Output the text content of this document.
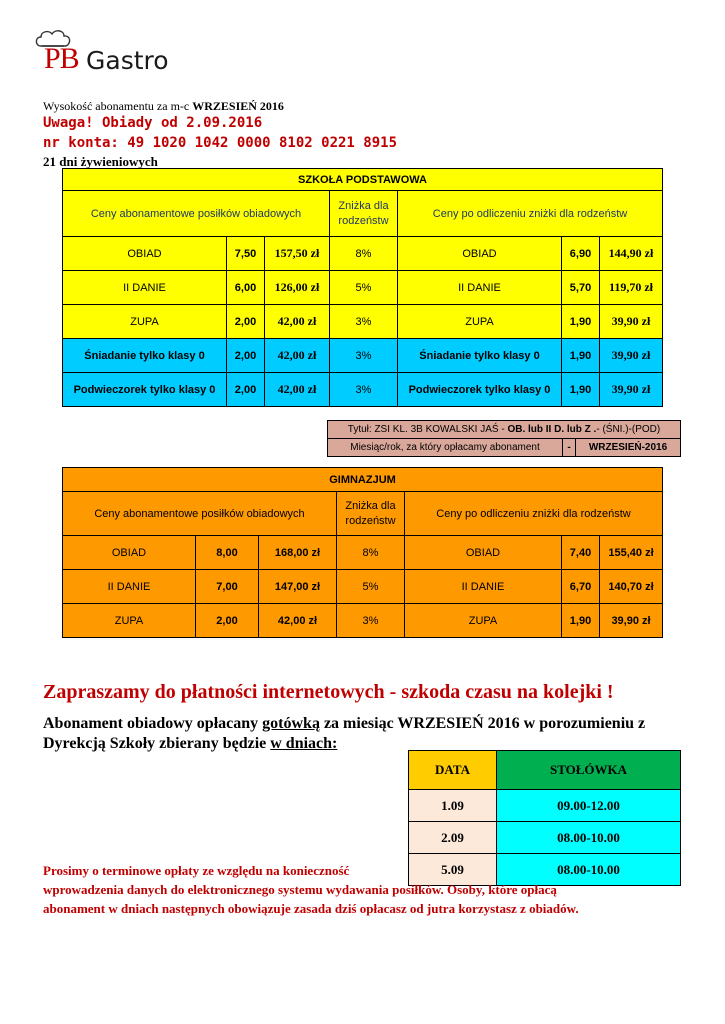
PB Gastro
Wysokość abonamentu za m-c WRZESIEŃ 2016
Uwaga! Obiady od 2.09.2016
nr konta: 49 1020 1042 0000 8102 0221 8915
21 dni żywieniowych
SZKOŁA PODSTAWOWA						
Ceny abonamentowe posiłków obiadowych			Zniżka dla rodzeństw	Ceny po odliczeniu zniżki dla rodzeństw		
OBIAD	7,50	157,50 zł	8%	OBIAD	6,90	144,90 zł
II DANIE	6,00	126,00 zł	5%	II DANIE	5,70	119,70 zł
ZUPA	2,00	42,00 zł	3%	ZUPA	1,90	39,90 zł
Śniadanie tylko klasy 0	2,00	42,00 zł	3%	Śniadanie tylko klasy 0	1,90	39,90 zł
Podwieczorek tylko klasy 0	2,00	42,00 zł	3%	Podwieczorek tylko klasy 0	1,90	39,90 zł
Tytuł: ZSI KL. 3B KOWALSKI JAŚ - OB. lub II D. lub Z .- (ŚNI.)-(POD)
Miesiąc/rok, za który opłacamy abonament	-	WRZESIEŃ-2016
GIMNAZJUM						
Ceny abonamentowe posiłków obiadowych			Zniżka dla rodzeństw	Ceny po odliczeniu zniżki dla rodzeństw		
OBIAD	8,00	168,00 zł	8%	OBIAD	7,40	155,40 zł
II DANIE	7,00	147,00 zł	5%	II DANIE	6,70	140,70 zł
ZUPA	2,00	42,00 zł	3%	ZUPA	1,90	39,90 zł
Zapraszamy do płatności internetowych - szkoda czasu na kolejki !
Abonament obiadowy opłacany gotówką za miesiąc WRZESIEŃ 2016 w porozumieniu z Dyrekcją Szkoły zbierany będzie w dniach:
DATA	STOŁÓWKA
1.09	09.00-12.00
2.09	08.00-10.00
5.09	08.00-10.00
Prosimy o terminowe opłaty ze względu na konieczność
wprowadzenia danych do elektronicznego systemu wydawania posiłków. Osoby, które opłacą
abonament w dniach następnych obowiązuje zasada dziś opłacasz od jutra korzystasz z obiadów.
